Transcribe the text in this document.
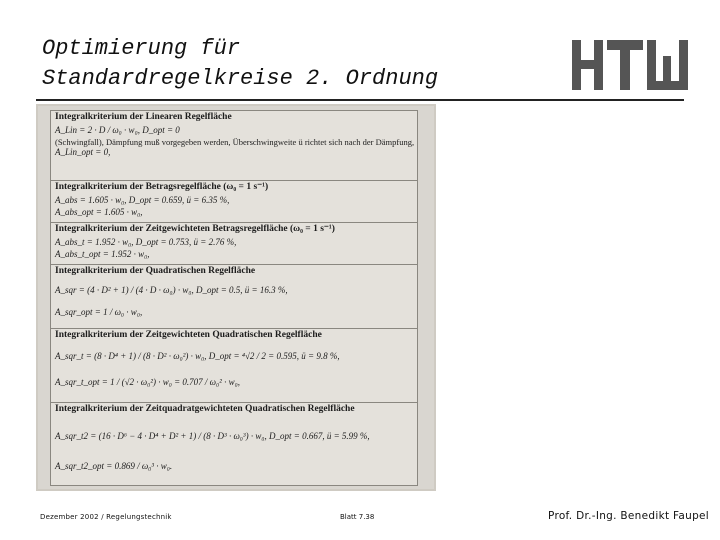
Optimierung für
Standardregelkreise 2. Ordnung
Integralkriterium der Linearen Regelfläche
A_Lin = 2 · D / ω₀ · w₀, D_opt = 0
(Schwingfall), Dämpfung muß vorgegeben werden, Überschwingweite ü richtet sich nach der Dämpfung,
A_Lin_opt = 0,
Integralkriterium der Betragsregelfläche (ω₀ = 1 s⁻¹)
A_abs = 1.605 · w₀, D_opt = 0.659, ü = 6.35 %,
A_abs_opt = 1.605 · w₀,
Integralkriterium der Zeitgewichteten Betragsregelfläche (ω₀ = 1 s⁻¹)
A_abs_t = 1.952 · w₀, D_opt = 0.753, ü = 2.76 %,
A_abs_t_opt = 1.952 · w₀,
Integralkriterium der Quadratischen Regelfläche
A_sqr = (4 · D² + 1) / (4 · D · ω₀) · w₀, D_opt = 0.5, ü = 16.3 %,
A_sqr_opt = 1 / ω₀ · w₀,
Integralkriterium der Zeitgewichteten Quadratischen Regelfläche
A_sqr_t = (8 · D⁴ + 1) / (8 · D² · ω₀²) · w₀, D_opt = ⁴√2 / 2 = 0.595, ü = 9.8 %,
A_sqr_t_opt = 1 / (√2 · ω₀²) · w₀ = 0.707 / ω₀² · w₀,
Integralkriterium der Zeitquadratgewichteten Quadratischen Regelfläche
A_sqr_t2 = (16 · D⁶ − 4 · D⁴ + D² + 1) / (8 · D³ · ω₀³) · w₀, D_opt = 0.667, ü = 5.99 %,
A_sqr_t2_opt = 0.869 / ω₀³ · w₀.
Dezember 2002 / Regelungstechnik	Blatt 7.38	Prof. Dr.-Ing. Benedikt Faupel
